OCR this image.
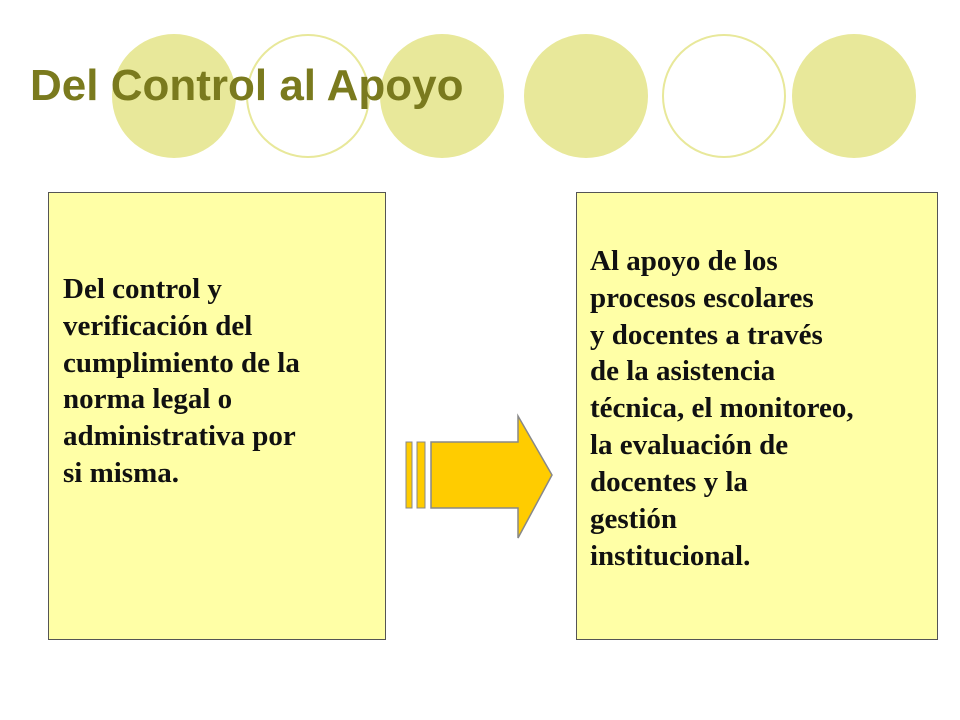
Del Control al Apoyo

Del control y
verificación del
cumplimiento de la
norma legal o
administrativa por
si misma.

Al apoyo de los
procesos escolares
y docentes a través
de la asistencia
técnica, el monitoreo,
la evaluación de
docentes y la
gestión
institucional.
